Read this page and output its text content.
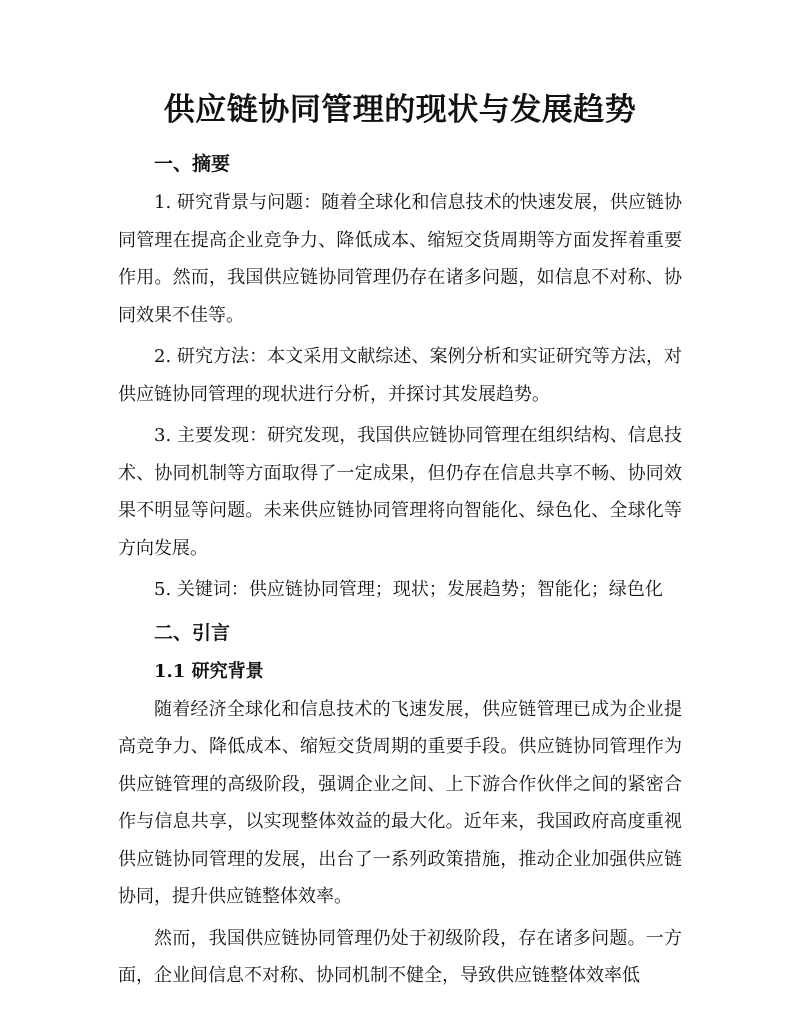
供应链协同管理的现状与发展趋势
一、摘要

1. 研究背景与问题：随着全球化和信息技术的快速发展，供应链协同管理在提高企业竞争力、降低成本、缩短交货周期等方面发挥着重要作用。然而，我国供应链协同管理仍存在诸多问题，如信息不对称、协同效果不佳等。

2. 研究方法：本文采用文献综述、案例分析和实证研究等方法，对供应链协同管理的现状进行分析，并探讨其发展趋势。

3. 主要发现：研究发现，我国供应链协同管理在组织结构、信息技术、协同机制等方面取得了一定成果，但仍存在信息共享不畅、协同效果不明显等问题。未来供应链协同管理将向智能化、绿色化、全球化等方向发展。

5. 关键词：供应链协同管理；现状；发展趋势；智能化；绿色化

二、引言
1.1 研究背景

随着经济全球化和信息技术的飞速发展，供应链管理已成为企业提高竞争力、降低成本、缩短交货周期的重要手段。供应链协同管理作为供应链管理的高级阶段，强调企业之间、上下游合作伙伴之间的紧密合作与信息共享，以实现整体效益的最大化。近年来，我国政府高度重视供应链协同管理的发展，出台了一系列政策措施，推动企业加强供应链协同，提升供应链整体效率。

然而，我国供应链协同管理仍处于初级阶段，存在诸多问题。一方面，企业间信息不对称、协同机制不健全，导致供应链整体效率低
